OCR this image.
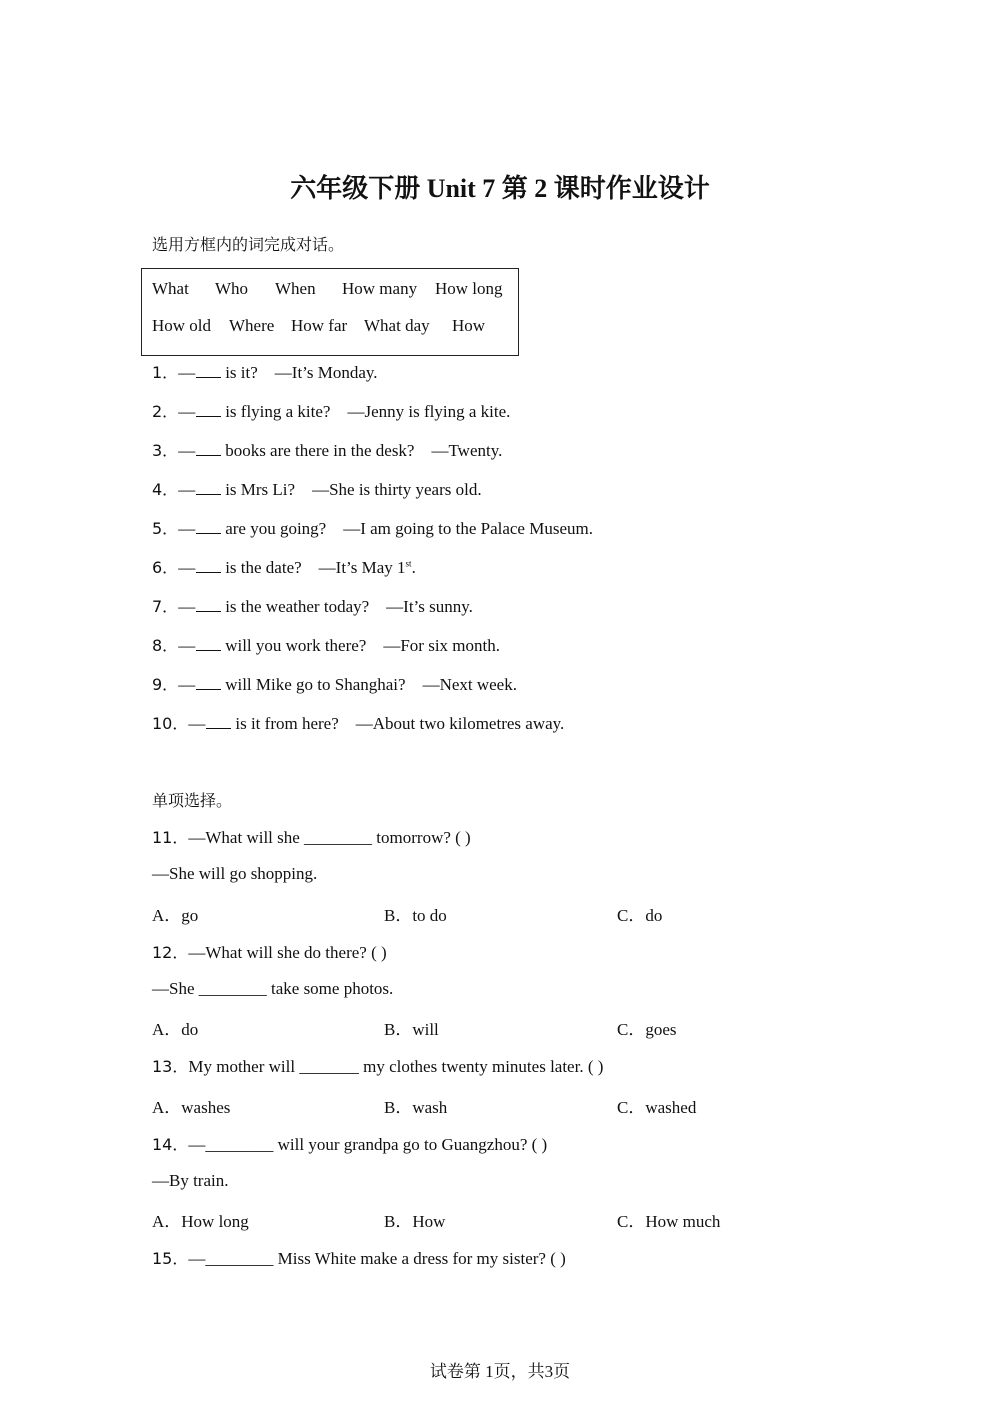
六年级下册 Unit 7 第 2 课时作业设计
选用方框内的词完成对话。
What Who When How many How long
How old Where How far What day How
1．— is it? —It’s Monday.
2．— is flying a kite? —Jenny is flying a kite.
3．— books are there in the desk? —Twenty.
4．— is Mrs Li? —She is thirty years old.
5．— are you going? —I am going to the Palace Museum.
6．— is the date? —It’s May 1st.
7．— is the weather today? —It’s sunny.
8．— will you work there? —For six month.
9．— will Mike go to Shanghai? —Next week.
10．— is it from here? —About two kilometres away.
单项选择。
11．—What will she ________ tomorrow? ( )
—She will go shopping.
A．go	B．to do	C．do
12．—What will she do there? ( )
—She ________ take some photos.
A．do	B．will	C．goes
13．My mother will _______ my clothes twenty minutes later. ( )
A．washes	B．wash	C．washed
14．—________ will your grandpa go to Guangzhou? ( )
—By train.
A．How long	B．How	C．How much
15．—________ Miss White make a dress for my sister? ( )
试卷第 1页，共3页
